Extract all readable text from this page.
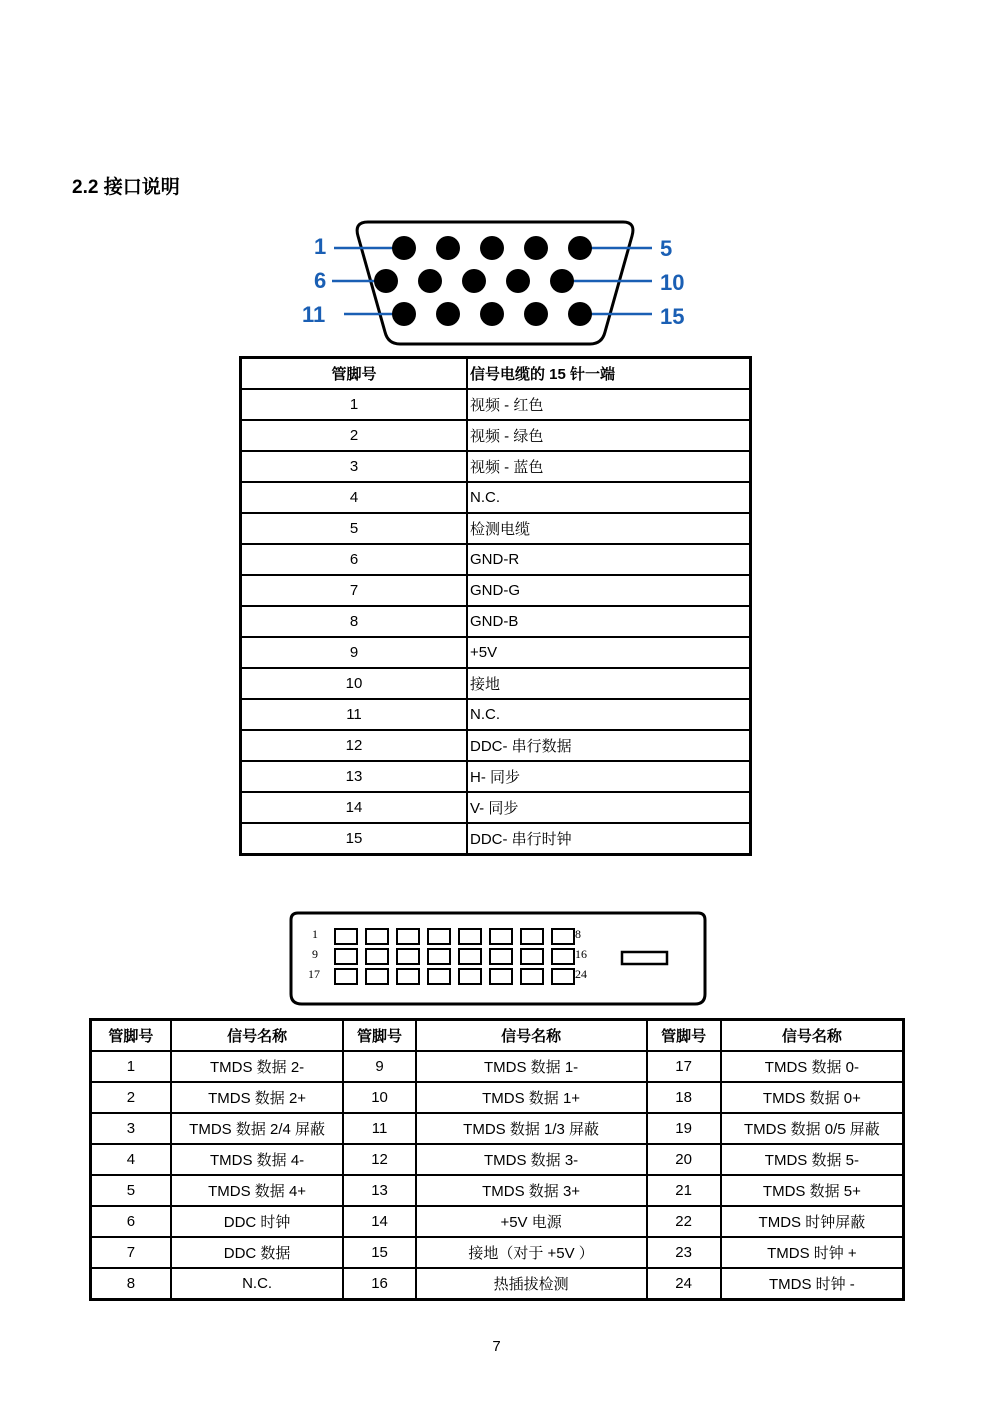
2.2 接口说明
1
6
11
5
10
15
管脚号	信号电缆的 15 针一端
1	视频 - 红色
2	视频 - 绿色
3	视频 - 蓝色
4	N.C.
5	检测电缆
6	GND-R
7	GND-G
8	GND-B
9	+5V
10	接地
11	N.C.
12	DDC- 串行数据
13	H- 同步
14	V- 同步
15	DDC- 串行时钟
1
9
17
8
16
24
管脚号	信号名称	管脚号	信号名称	管脚号	信号名称
1	TMDS 数据 2-	9	TMDS 数据 1-	17	TMDS 数据 0-
2	TMDS 数据 2+	10	TMDS 数据 1+	18	TMDS 数据 0+
3	TMDS 数据 2/4 屏蔽	11	TMDS 数据 1/3 屏蔽	19	TMDS 数据 0/5 屏蔽
4	TMDS 数据 4-	12	TMDS 数据 3-	20	TMDS 数据 5-
5	TMDS 数据 4+	13	TMDS 数据 3+	21	TMDS 数据 5+
6	DDC 时钟	14	+5V 电源	22	TMDS 时钟屏蔽
7	DDC 数据	15	接地（对于 +5V ）	23	TMDS 时钟 +
8	N.C.	16	热插拔检测	24	TMDS 时钟 -
7
